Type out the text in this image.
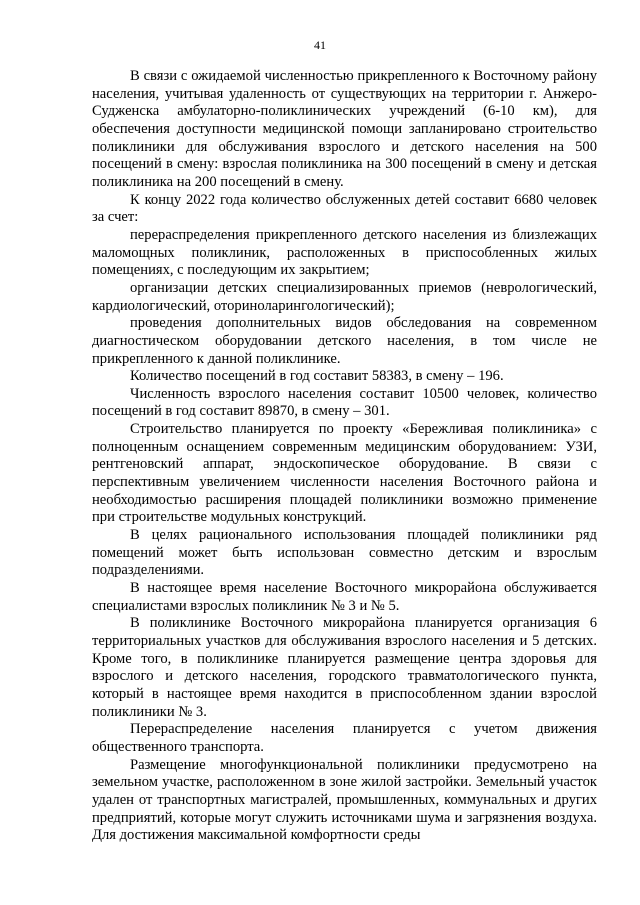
41

В связи с ожидаемой численностью прикрепленного к Восточному району населения, учитывая удаленность от существующих на территории г. Анжеро-Судженска амбулаторно-поликлинических учреждений (6-10 км), для обеспечения доступности медицинской помощи запланировано строительство поликлиники для обслуживания взрослого и детского населения на 500 посещений в смену: взрослая поликлиника на 300 посещений в смену и детская поликлиника на 200 посещений в смену.

К концу 2022 года количество обслуженных детей составит 6680 человек за счет:

перераспределения прикрепленного детского населения из близлежащих маломощных поликлиник, расположенных в приспособленных жилых помещениях, с последующим их закрытием;

организации детских специализированных приемов (неврологический, кардиологический, оториноларингологический);

проведения дополнительных видов обследования на современном диагностическом оборудовании детского населения, в том числе не прикрепленного к данной поликлинике.

Количество посещений в год составит 58383, в смену – 196.

Численность взрослого населения составит 10500 человек, количество посещений в год составит 89870, в смену – 301.

Строительство планируется по проекту «Бережливая поликлиника» с полноценным оснащением современным медицинским оборудованием: УЗИ, рентгеновский аппарат, эндоскопическое оборудование. В связи с перспективным увеличением численности населения Восточного района и необходимостью расширения площадей поликлиники возможно применение при строительстве модульных конструкций.

В целях рационального использования площадей поликлиники ряд помещений может быть использован совместно детским и взрослым подразделениями.

В настоящее время население Восточного микрорайона обслуживается специалистами взрослых поликлиник № 3 и № 5.

В поликлинике Восточного микрорайона планируется организация 6 территориальных участков для обслуживания взрослого населения и 5 детских. Кроме того, в поликлинике планируется размещение центра здоровья для взрослого и детского населения, городского травматологического пункта, который в настоящее время находится в приспособленном здании взрослой поликлиники № 3.

Перераспределение населения планируется с учетом движения общественного транспорта.

Размещение многофункциональной поликлиники предусмотрено на земельном участке, расположенном в зоне жилой застройки. Земельный участок удален от транспортных магистралей, промышленных, коммунальных и других предприятий, которые могут служить источниками шума и загрязнения воздуха. Для достижения максимальной комфортности среды
